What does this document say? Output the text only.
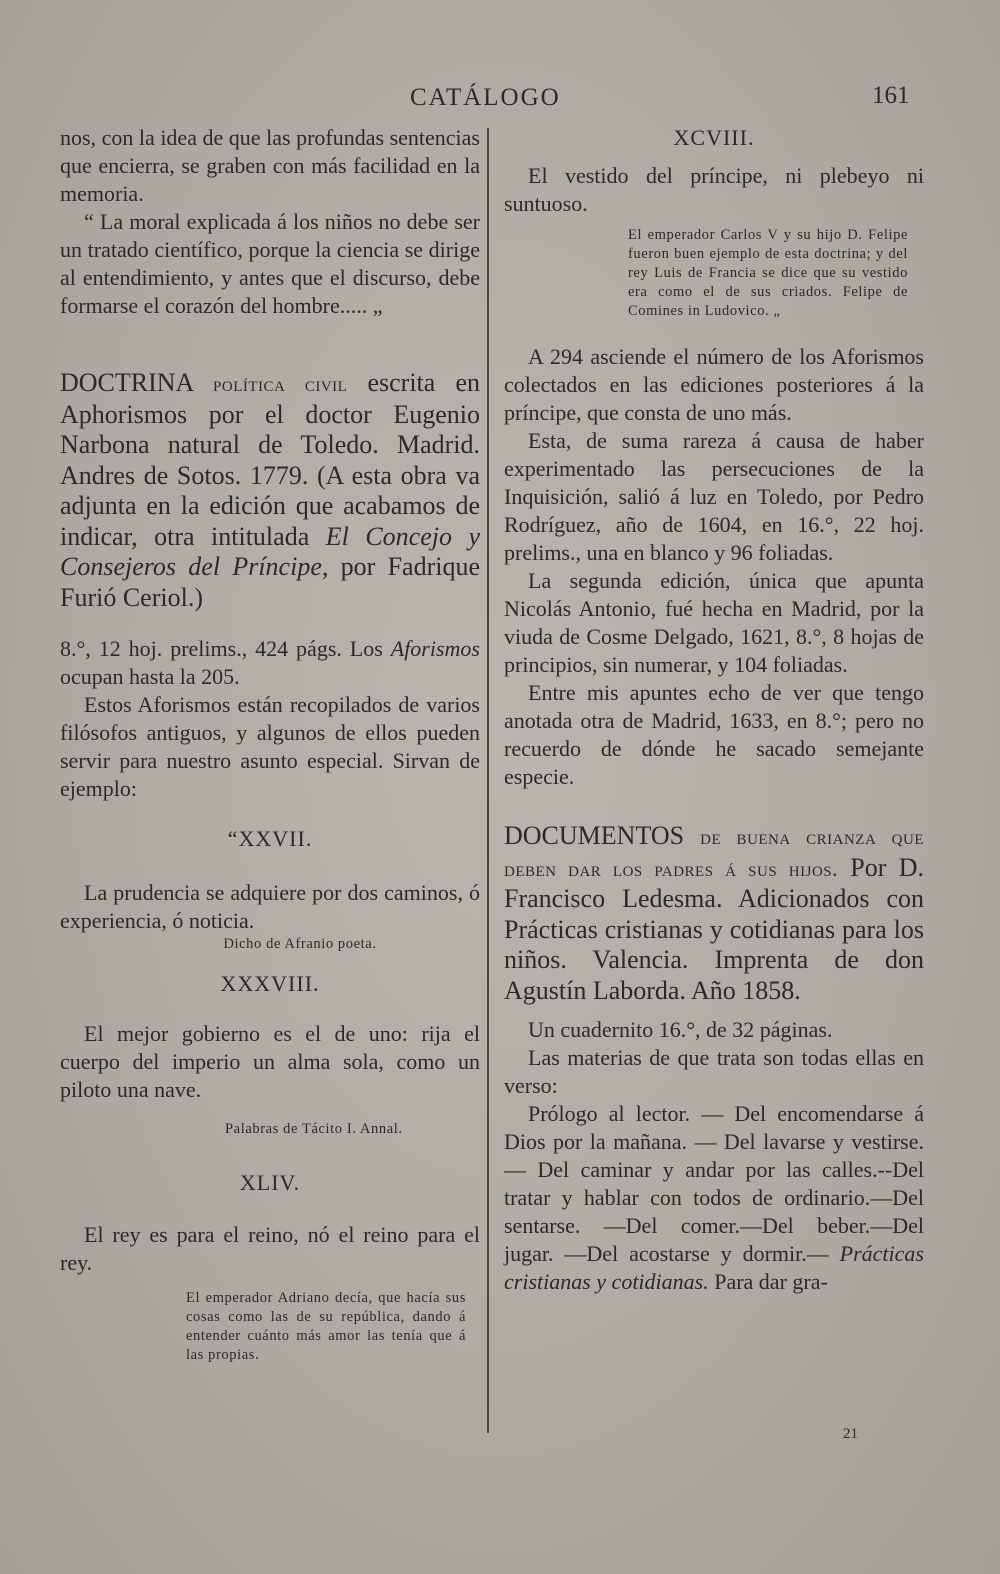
CATÁLOGO	161

nos, con la idea de que las profundas sentencias que encierra, se graben con más facilidad en la memoria.

“ La moral explicada á los niños no debe ser un tratado científico, porque la ciencia se dirige al entendimiento, y antes que el discurso, debe formarse el corazón del hombre..... „

DOCTRINA política civil escrita en Aphorismos por el doctor Eugenio Narbona natural de Toledo. Madrid. Andres de Sotos. 1779. (A esta obra va adjunta en la edición que acabamos de indicar, otra intitulada El Concejo y Consejeros del Príncipe, por Fadrique Furió Ceriol.)

8.°, 12 hoj. prelims., 424 págs. Los Aforismos ocupan hasta la 205.

Estos Aforismos están recopilados de varios filósofos antiguos, y algunos de ellos pueden servir para nuestro asunto especial. Sirvan de ejemplo:

“XXVII.

La prudencia se adquiere por dos caminos, ó experiencia, ó noticia.

Dicho de Afranio poeta.

XXXVIII.

El mejor gobierno es el de uno: rija el cuerpo del imperio un alma sola, como un piloto una nave.

Palabras de Tácito I. Annal.

XLIV.

El rey es para el reino, nó el reino para el rey.

El emperador Adriano decía, que hacía sus cosas como las de su república, dando á entender cuánto más amor las tenía que á las propias.

XCVIII.

El vestido del príncipe, ni plebeyo ni suntuoso.

El emperador Carlos V y su hijo D. Felipe fueron buen ejemplo de esta doctrina; y del rey Luis de Francia se dice que su vestido era como el de sus criados. Felipe de Comines in Ludovico. „

A 294 asciende el número de los Aforismos colectados en las ediciones posteriores á la príncipe, que consta de uno más.

Esta, de suma rareza á causa de haber experimentado las persecuciones de la Inquisición, salió á luz en Toledo, por Pedro Rodríguez, año de 1604, en 16.°, 22 hoj. prelims., una en blanco y 96 foliadas.

La segunda edición, única que apunta Nicolás Antonio, fué hecha en Madrid, por la viuda de Cosme Delgado, 1621, 8.°, 8 hojas de principios, sin numerar, y 104 foliadas.

Entre mis apuntes echo de ver que tengo anotada otra de Madrid, 1633, en 8.°; pero no recuerdo de dónde he sacado semejante especie.

DOCUMENTOS de buena crianza que deben dar los padres á sus hijos. Por D. Francisco Ledesma. Adicionados con Prácticas cristianas y cotidianas para los niños. Valencia. Imprenta de don Agustín Laborda. Año 1858.

Un cuadernito 16.°, de 32 páginas.

Las materias de que trata son todas ellas en verso:

Prólogo al lector. — Del encomendarse á Dios por la mañana. — Del lavarse y vestirse. — Del caminar y andar por las calles.--Del tratar y hablar con todos de ordinario.—Del sentarse. —Del comer.—Del beber.—Del jugar. —Del acostarse y dormir.— Prácticas cristianas y cotidianas. Para dar gra-

21
